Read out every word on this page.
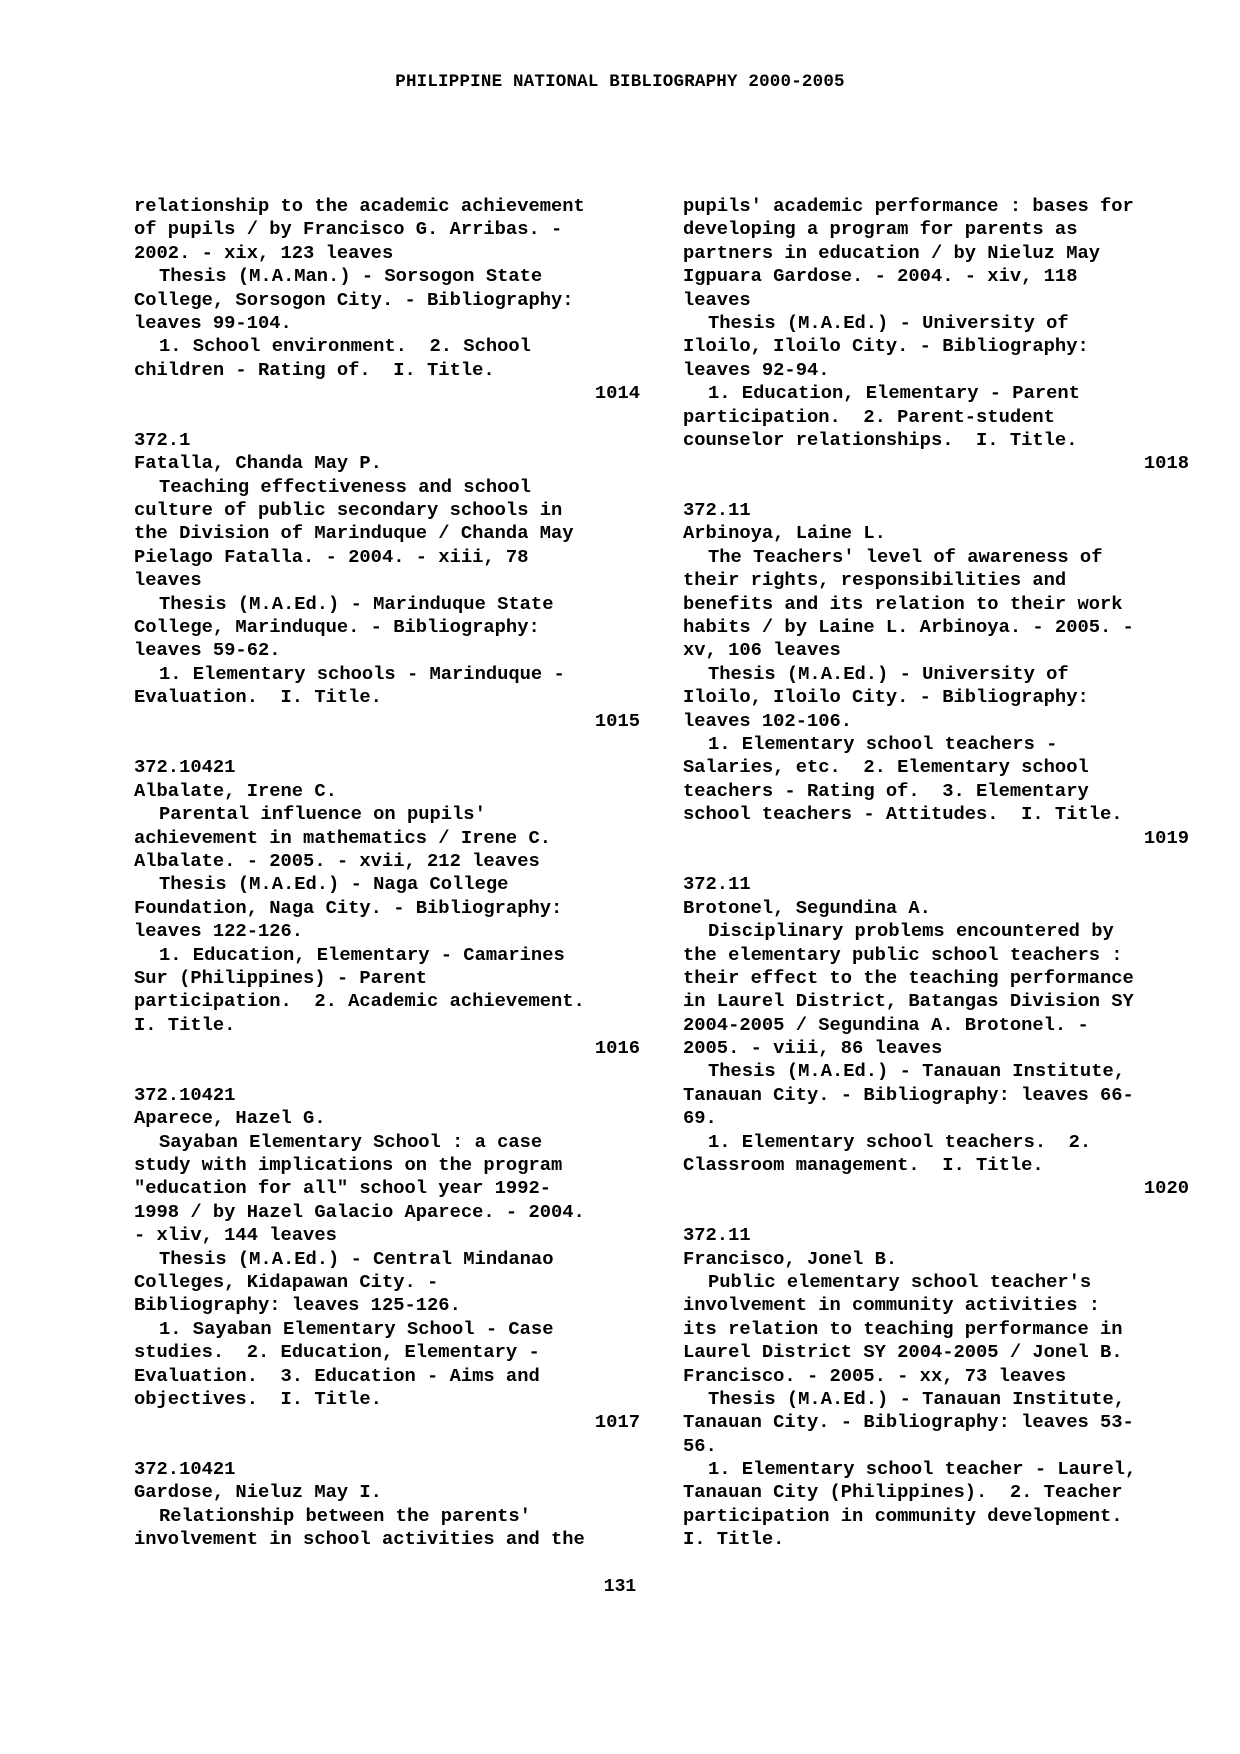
PHILIPPINE NATIONAL BIBLIOGRAPHY 2000-2005
relationship to the academic achievement
of pupils / by Francisco G. Arribas. -
2002. - xix, 123 leaves
Thesis (M.A.Man.) - Sorsogon State
College, Sorsogon City. - Bibliography:
leaves 99-104.
1. School environment.  2. School
children - Rating of.  I. Title.
1014
372.1
Fatalla, Chanda May P.
Teaching effectiveness and school
culture of public secondary schools in
the Division of Marinduque / Chanda May
Pielago Fatalla. - 2004. - xiii, 78
leaves
Thesis (M.A.Ed.) - Marinduque State
College, Marinduque. - Bibliography:
leaves 59-62.
1. Elementary schools - Marinduque -
Evaluation.  I. Title.
1015
372.10421
Albalate, Irene C.
Parental influence on pupils'
achievement in mathematics / Irene C.
Albalate. - 2005. - xvii, 212 leaves
Thesis (M.A.Ed.) - Naga College
Foundation, Naga City. - Bibliography:
leaves 122-126.
1. Education, Elementary - Camarines
Sur (Philippines) - Parent
participation.  2. Academic achievement.
I. Title.
1016
372.10421
Aparece, Hazel G.
Sayaban Elementary School : a case
study with implications on the program
"education for all" school year 1992-
1998 / by Hazel Galacio Aparece. - 2004.
- xliv, 144 leaves
Thesis (M.A.Ed.) - Central Mindanao
Colleges, Kidapawan City. -
Bibliography: leaves 125-126.
1. Sayaban Elementary School - Case
studies.  2. Education, Elementary -
Evaluation.  3. Education - Aims and
objectives.  I. Title.
1017
372.10421
Gardose, Nieluz May I.
Relationship between the parents'
involvement in school activities and the
pupils' academic performance : bases for
developing a program for parents as
partners in education / by Nieluz May
Igpuara Gardose. - 2004. - xiv, 118
leaves
Thesis (M.A.Ed.) - University of
Iloilo, Iloilo City. - Bibliography:
leaves 92-94.
1. Education, Elementary - Parent
participation.  2. Parent-student
counselor relationships.  I. Title.
1018
372.11
Arbinoya, Laine L.
The Teachers' level of awareness of
their rights, responsibilities and
benefits and its relation to their work
habits / by Laine L. Arbinoya. - 2005. -
xv, 106 leaves
Thesis (M.A.Ed.) - University of
Iloilo, Iloilo City. - Bibliography:
leaves 102-106.
1. Elementary school teachers -
Salaries, etc.  2. Elementary school
teachers - Rating of.  3. Elementary
school teachers - Attitudes.  I. Title.
1019
372.11
Brotonel, Segundina A.
Disciplinary problems encountered by
the elementary public school teachers :
their effect to the teaching performance
in Laurel District, Batangas Division SY
2004-2005 / Segundina A. Brotonel. -
2005. - viii, 86 leaves
Thesis (M.A.Ed.) - Tanauan Institute,
Tanauan City. - Bibliography: leaves 66-
69.
1. Elementary school teachers.  2.
Classroom management.  I. Title.
1020
372.11
Francisco, Jonel B.
Public elementary school teacher's
involvement in community activities :
its relation to teaching performance in
Laurel District SY 2004-2005 / Jonel B.
Francisco. - 2005. - xx, 73 leaves
Thesis (M.A.Ed.) - Tanauan Institute,
Tanauan City. - Bibliography: leaves 53-
56.
1. Elementary school teacher - Laurel,
Tanauan City (Philippines).  2. Teacher
participation in community development.
I. Title.
131
